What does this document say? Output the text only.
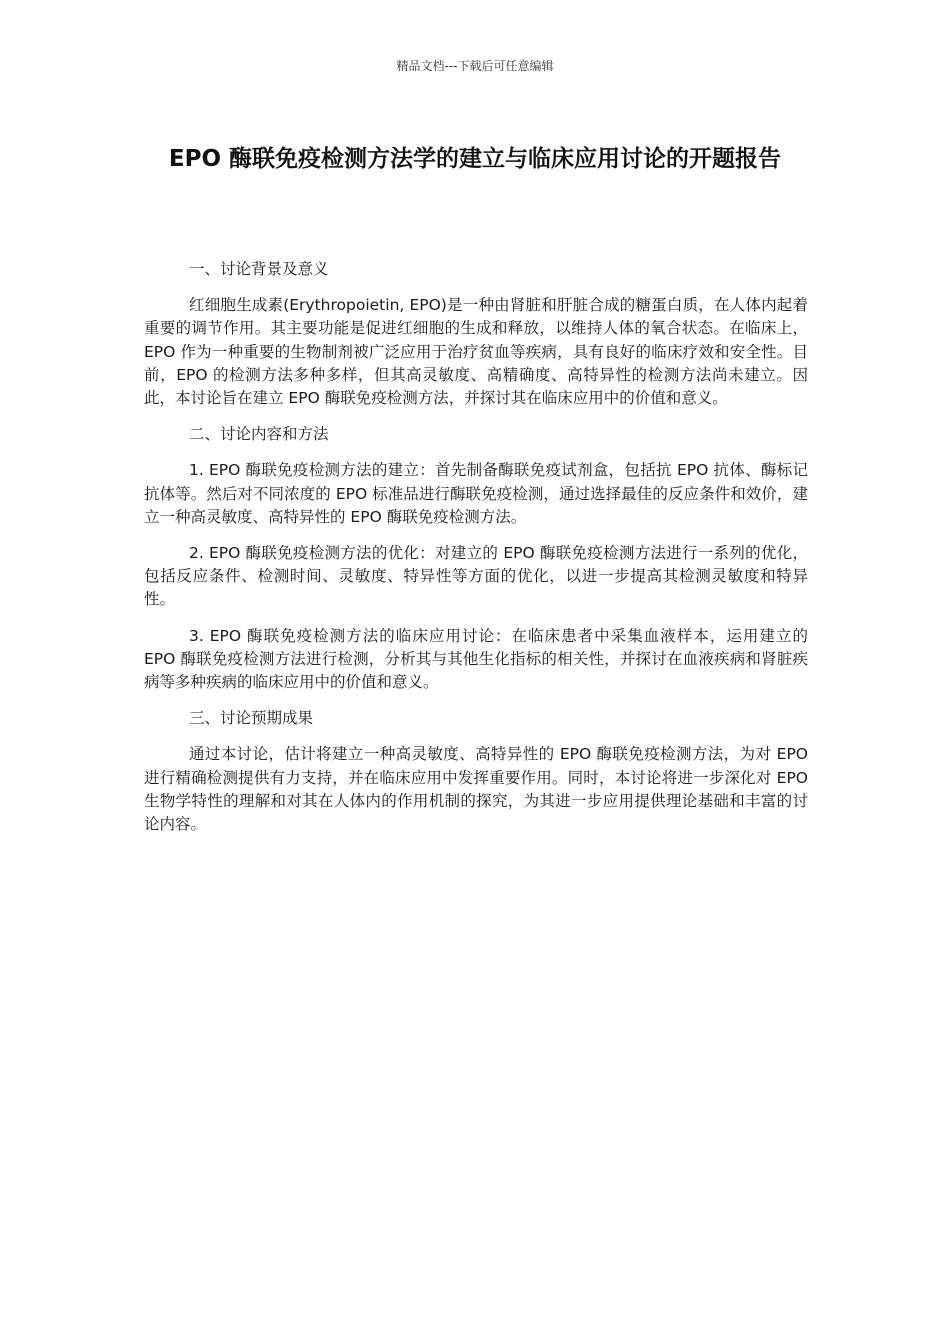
精品文档---下载后可任意编辑
EPO 酶联免疫检测方法学的建立与临床应用讨论的开题报告

一、讨论背景及意义

红细胞生成素(Erythropoietin, EPO)是一种由肾脏和肝脏合成的糖蛋白质，在人体内起着重要的调节作用。其主要功能是促进红细胞的生成和释放，以维持人体的氧合状态。在临床上，EPO 作为一种重要的生物制剂被广泛应用于治疗贫血等疾病，具有良好的临床疗效和安全性。目前，EPO 的检测方法多种多样，但其高灵敏度、高精确度、高特异性的检测方法尚未建立。因此，本讨论旨在建立 EPO 酶联免疫检测方法，并探讨其在临床应用中的价值和意义。

二、讨论内容和方法

1. EPO 酶联免疫检测方法的建立：首先制备酶联免疫试剂盒，包括抗 EPO 抗体、酶标记抗体等。然后对不同浓度的 EPO 标准品进行酶联免疫检测，通过选择最佳的反应条件和效价，建立一种高灵敏度、高特异性的 EPO 酶联免疫检测方法。

2. EPO 酶联免疫检测方法的优化：对建立的 EPO 酶联免疫检测方法进行一系列的优化，包括反应条件、检测时间、灵敏度、特异性等方面的优化，以进一步提高其检测灵敏度和特异性。

3. EPO 酶联免疫检测方法的临床应用讨论：在临床患者中采集血液样本，运用建立的 EPO 酶联免疫检测方法进行检测，分析其与其他生化指标的相关性，并探讨在血液疾病和肾脏疾病等多种疾病的临床应用中的价值和意义。

三、讨论预期成果

通过本讨论，估计将建立一种高灵敏度、高特异性的 EPO 酶联免疫检测方法，为对 EPO 进行精确检测提供有力支持，并在临床应用中发挥重要作用。同时，本讨论将进一步深化对 EPO 生物学特性的理解和对其在人体内的作用机制的探究，为其进一步应用提供理论基础和丰富的讨论内容。
